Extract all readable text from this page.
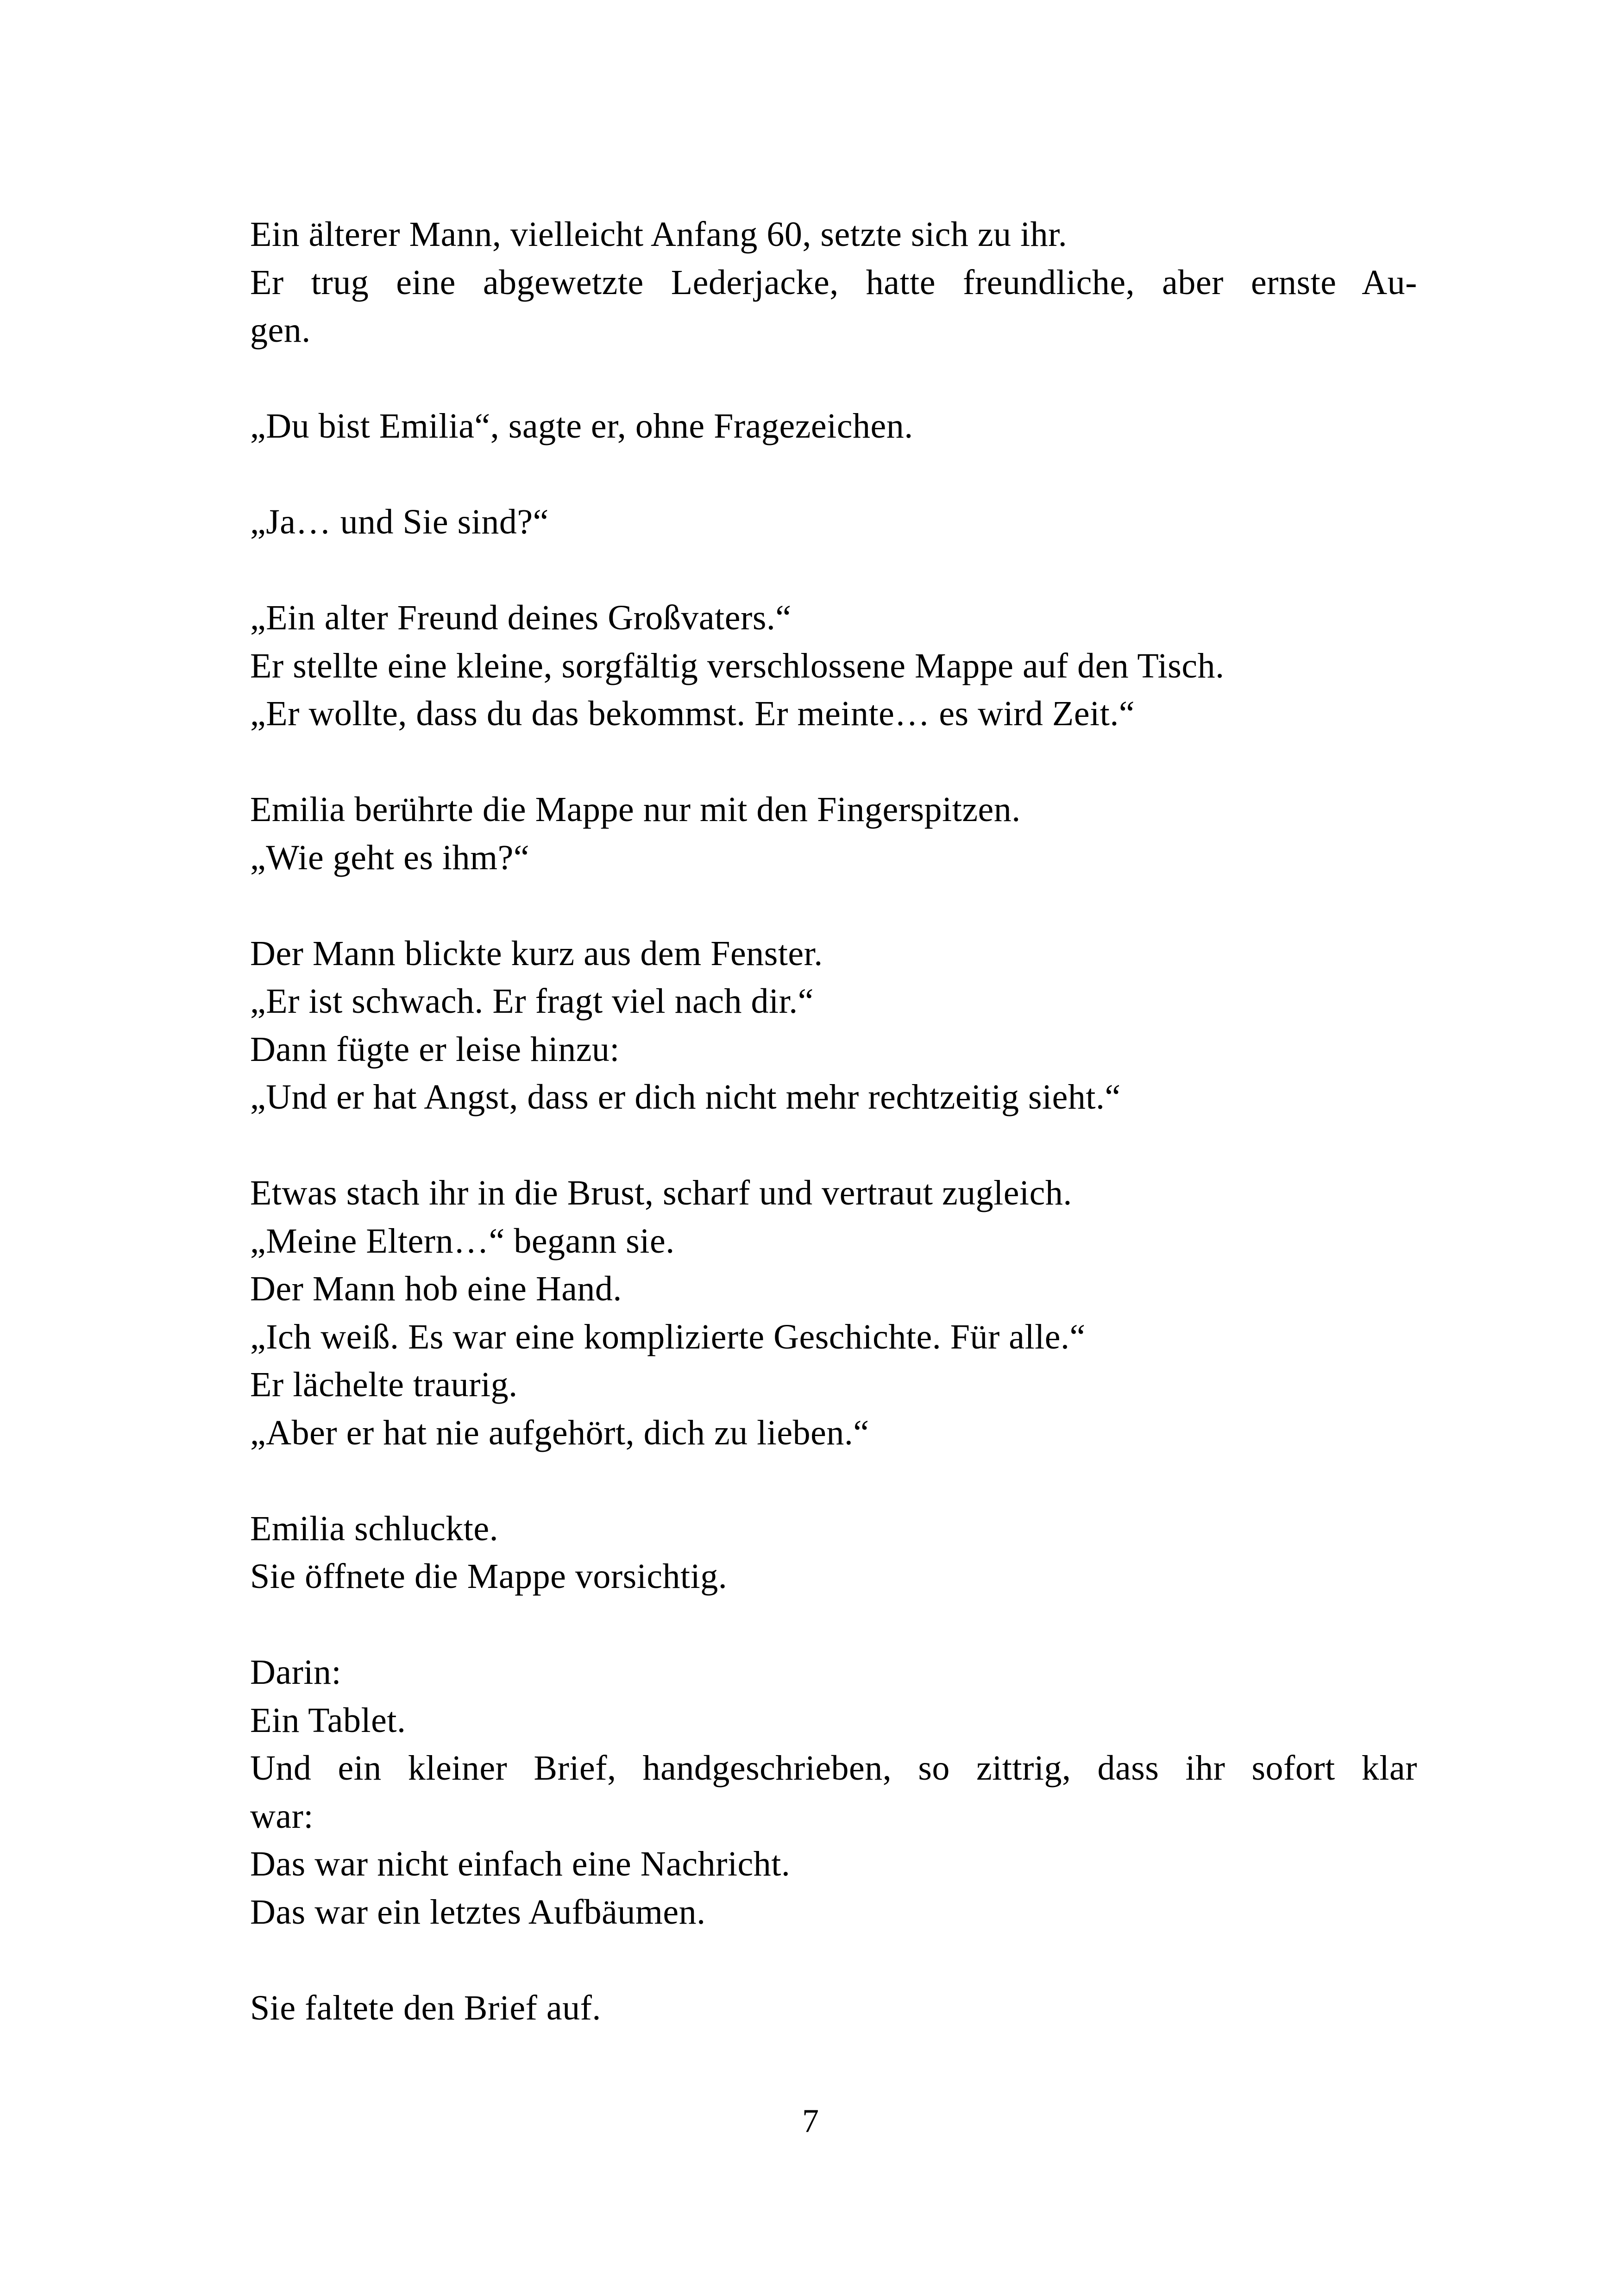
Ein älterer Mann, vielleicht Anfang 60, setzte sich zu ihr.
Er trug eine abgewetzte Lederjacke, hatte freundliche, aber ernste Au-
gen.
„Du bist Emilia“, sagte er, ohne Fragezeichen.
„Ja… und Sie sind?“
„Ein alter Freund deines Großvaters.“
Er stellte eine kleine, sorgfältig verschlossene Mappe auf den Tisch.
„Er wollte, dass du das bekommst. Er meinte… es wird Zeit.“
Emilia berührte die Mappe nur mit den Fingerspitzen.
„Wie geht es ihm?“
Der Mann blickte kurz aus dem Fenster.
„Er ist schwach. Er fragt viel nach dir.“
Dann fügte er leise hinzu:
„Und er hat Angst, dass er dich nicht mehr rechtzeitig sieht.“
Etwas stach ihr in die Brust, scharf und vertraut zugleich.
„Meine Eltern…“ begann sie.
Der Mann hob eine Hand.
„Ich weiß. Es war eine komplizierte Geschichte. Für alle.“
Er lächelte traurig.
„Aber er hat nie aufgehört, dich zu lieben.“
Emilia schluckte.
Sie öffnete die Mappe vorsichtig.
Darin:
Ein Tablet.
Und ein kleiner Brief, handgeschrieben, so zittrig, dass ihr sofort klar
war:
Das war nicht einfach eine Nachricht.
Das war ein letztes Aufbäumen.
Sie faltete den Brief auf.
7
